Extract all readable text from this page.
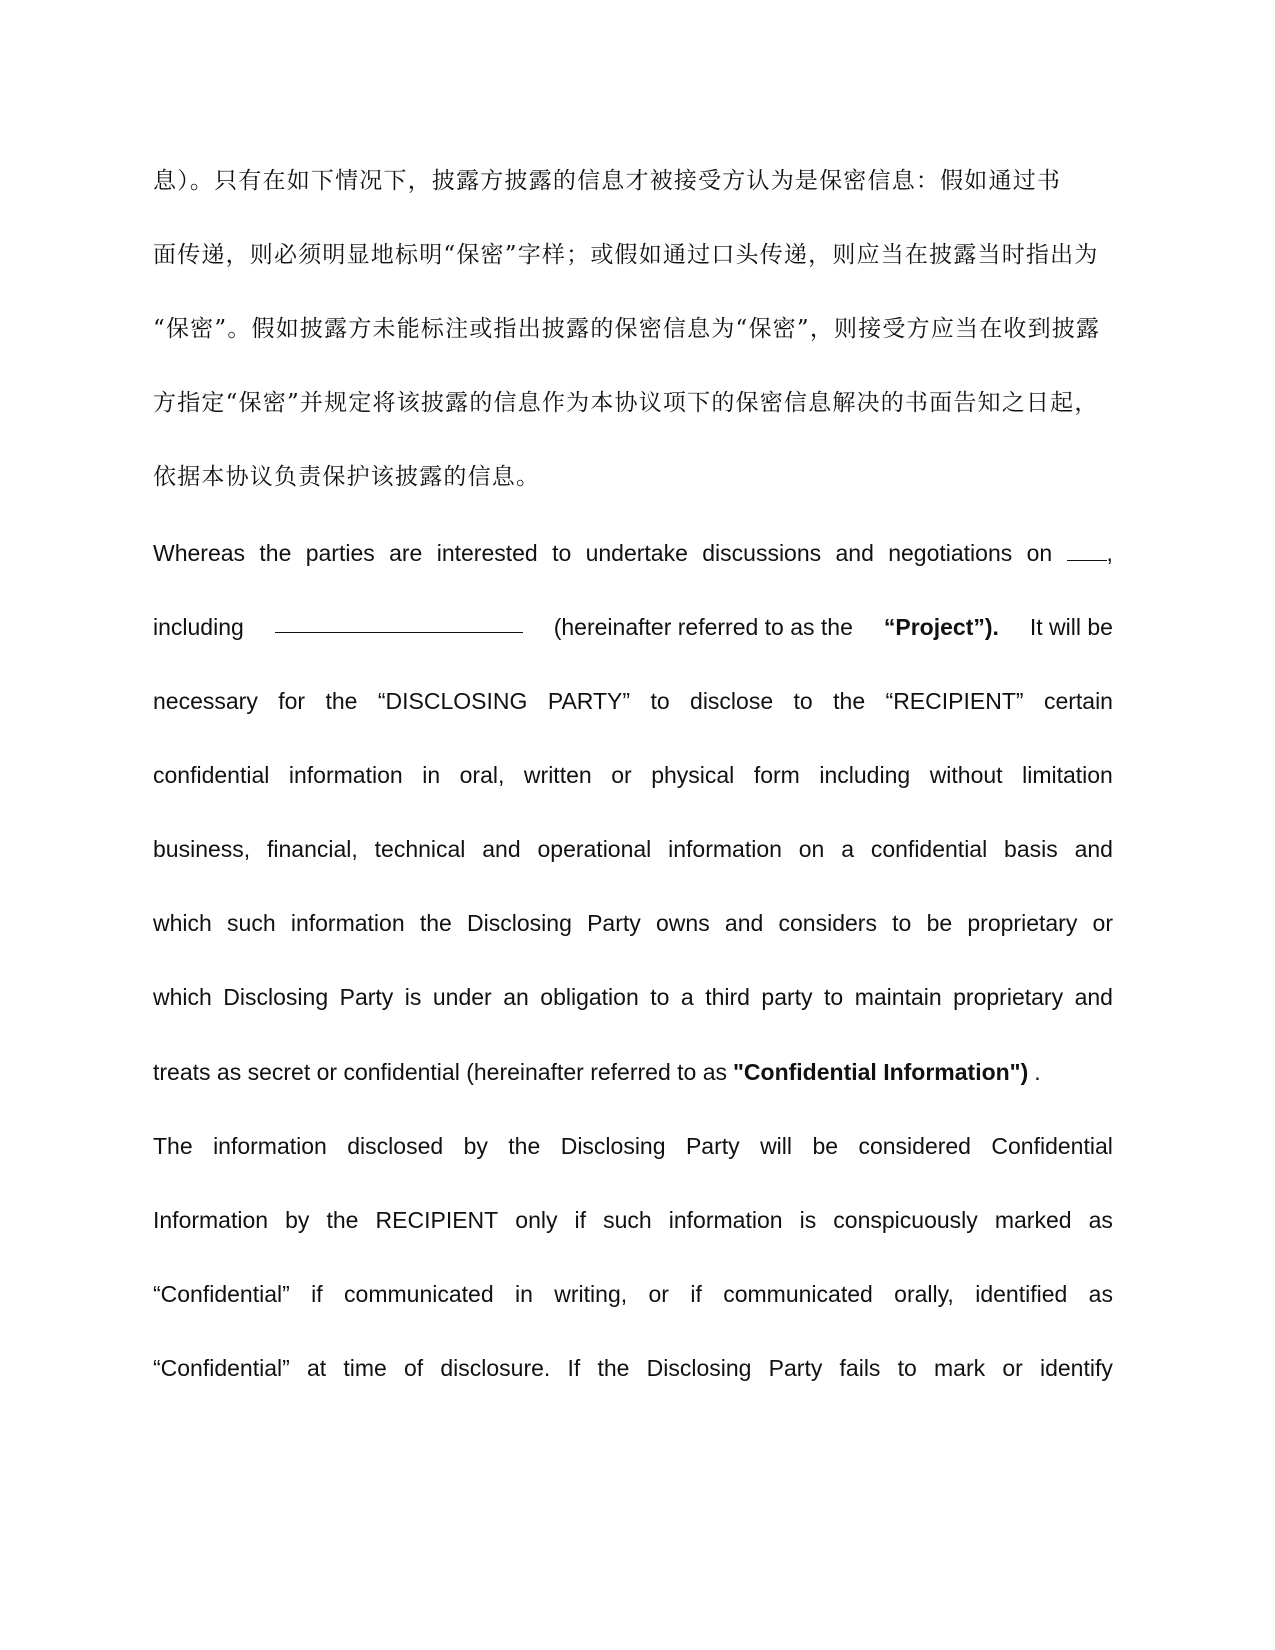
息）。只有在如下情况下，披露方披露的信息才被接受方认为是保密信息：假如通过书
面传递，则必须明显地标明“保密”字样；或假如通过口头传递，则应当在披露当时指出为
“保密”。假如披露方未能标注或指出披露的保密信息为“保密”，则接受方应当在收到披露
方指定“保密”并规定将该披露的信息作为本协议项下的保密信息解决的书面告知之日起，
依据本协议负责保护该披露的信息。
Whereas the parties are interested to undertake discussions and negotiations on	,
including	(hereinafter referred to as the “Project”). It will be
necessary for the “DISCLOSING PARTY” to disclose to the “RECIPIENT” certain
confidential information in oral, written or physical form including without limitation
business, financial, technical and operational information on a confidential basis and
which such information the Disclosing Party owns and considers to be proprietary or
which Disclosing Party is under an obligation to a third party to maintain proprietary and
treats as secret or confidential (hereinafter referred to as "Confidential Information") .
The information disclosed by the Disclosing Party will be considered Confidential
Information by the RECIPIENT only if such information is conspicuously marked as
“Confidential” if communicated in writing, or if communicated orally, identified as
“Confidential” at time of disclosure. If the Disclosing Party fails to mark or identify
